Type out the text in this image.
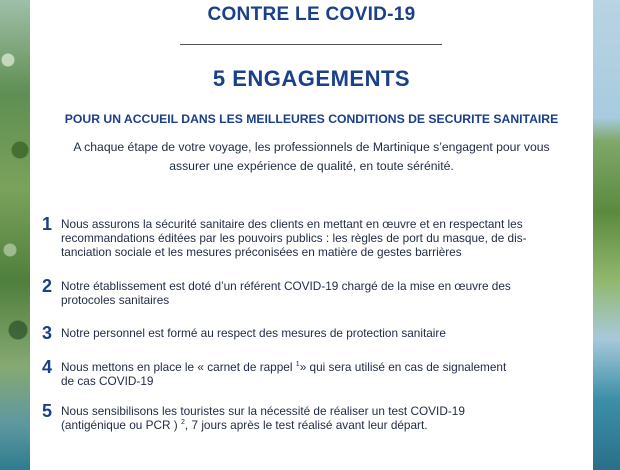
CONTRE LE COVID-19
5 ENGAGEMENTS
POUR UN ACCUEIL DANS LES MEILLEURES CONDITIONS DE SECURITE SANITAIRE
A chaque étape de votre voyage, les professionnels de Martinique s’engagent pour vous
assurer une expérience de qualité, en toute sérénité.
1 Nous assurons la sécurité sanitaire des clients en mettant en œuvre et en respectant les
recommandations éditées par les pouvoirs publics : les règles de port du masque, de dis-
tanciation sociale et les mesures préconisées en matière de gestes barrières
2 Notre établissement est doté d’un référent COVID-19 chargé de la mise en œuvre des
protocoles sanitaires
3 Notre personnel est formé au respect des mesures de protection sanitaire
4 Nous mettons en place le « carnet de rappel $^1$» qui sera utilisé en cas de signalement
de cas COVID-19
5 Nous sensibilisons les touristes sur la nécessité de réaliser un test COVID-19
(antigénique ou PCR ) $^2$, 7 jours après le test réalisé avant leur départ.
